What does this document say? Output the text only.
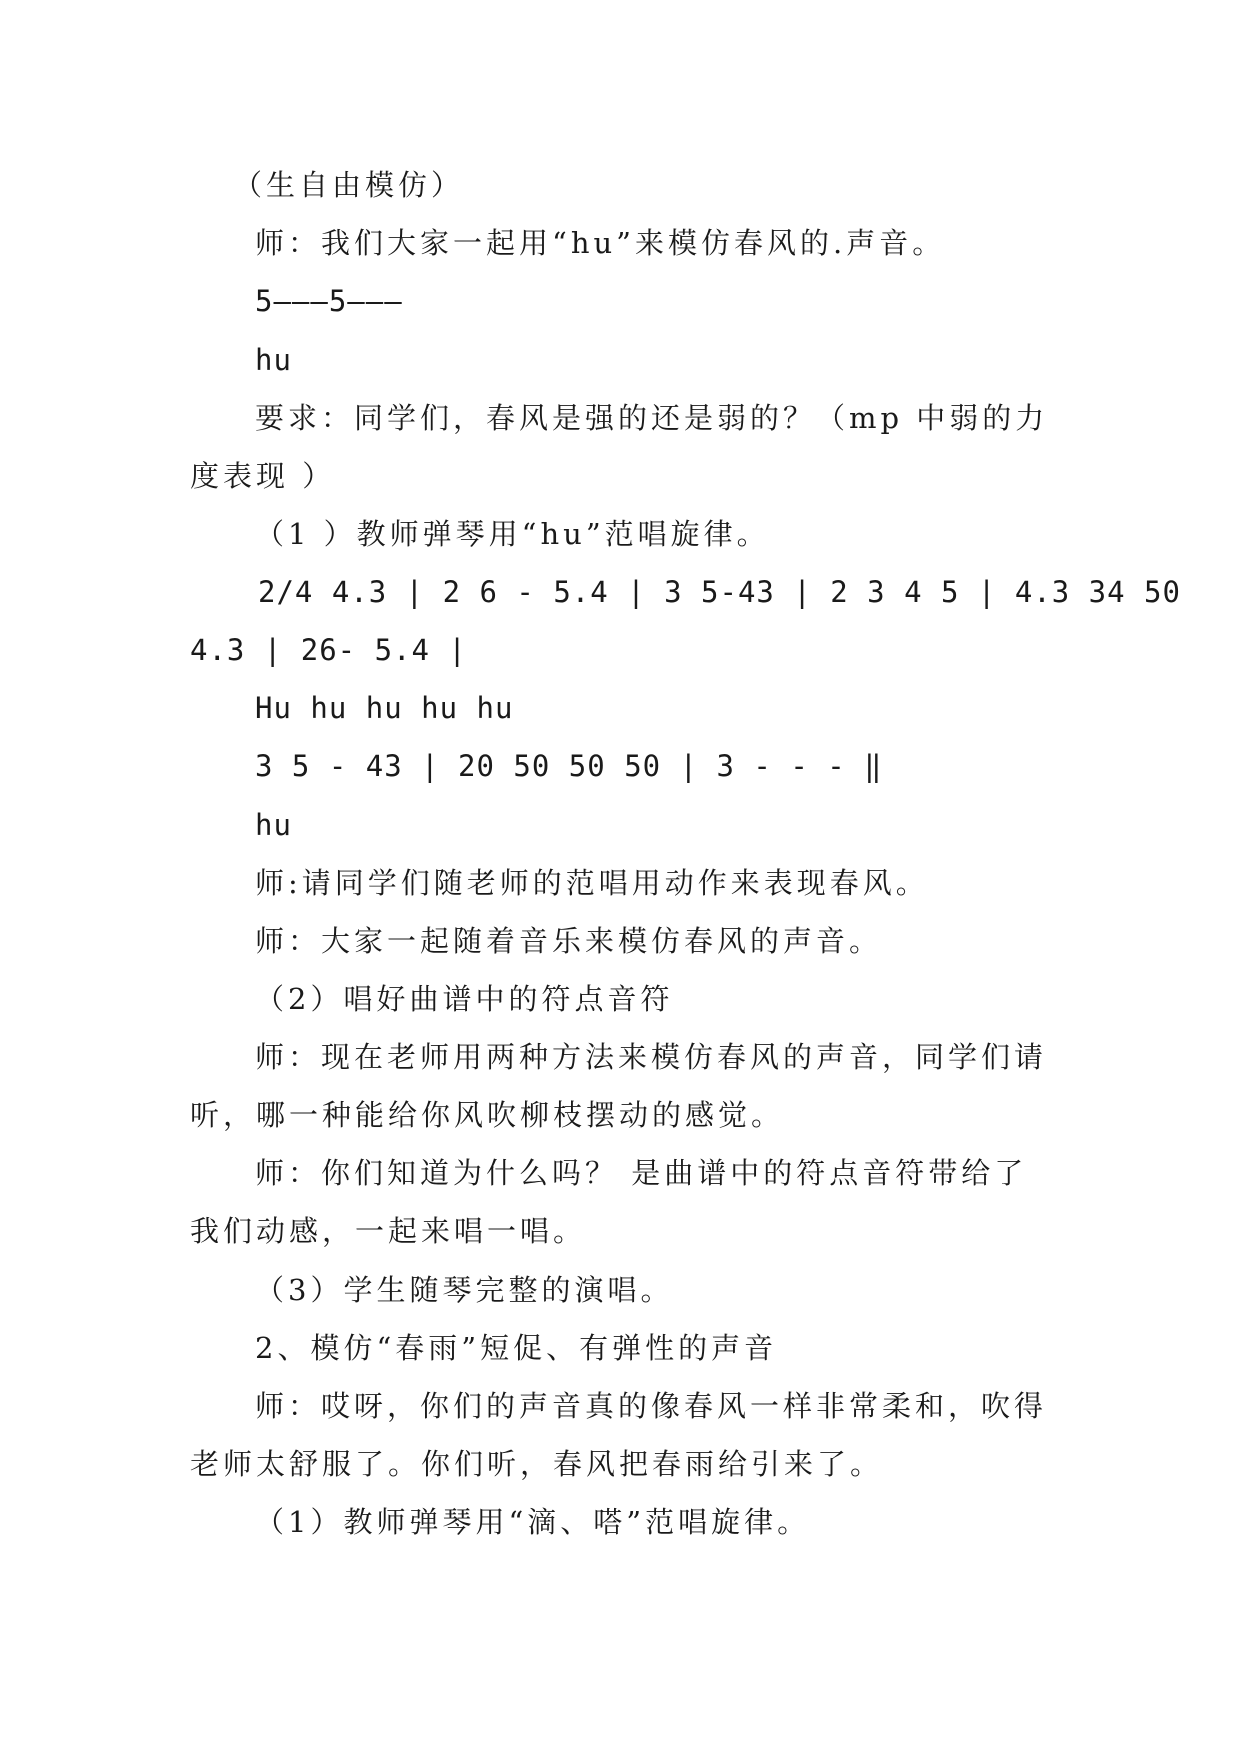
（生自由模仿）
师：我们大家一起用“hu”来模仿春风的.声音。
5———5———
hu
要求：同学们，春风是强的还是弱的？（mp 中弱的力
度表现 ）
（1 ）教师弹琴用“hu”范唱旋律。
2/4 4.3 | 2 6 - 5.4 | 3 5-43 | 2 3 4 5 | 4.3 34 50
4.3 | 26- 5.4 |
Hu hu hu hu hu
3 5 - 43 | 20 50 50 50 | 3 - - - ‖
hu
师:请同学们随老师的范唱用动作来表现春风。
师：大家一起随着音乐来模仿春风的声音。
（2）唱好曲谱中的符点音符
师：现在老师用两种方法来模仿春风的声音，同学们请
听，哪一种能给你风吹柳枝摆动的感觉。
师：你们知道为什么吗？ 是曲谱中的符点音符带给了
我们动感，一起来唱一唱。
（3）学生随琴完整的演唱。
2、模仿“春雨”短促、有弹性的声音
师：哎呀，你们的声音真的像春风一样非常柔和，吹得
老师太舒服了。你们听，春风把春雨给引来了。
（1）教师弹琴用“滴、嗒”范唱旋律。
